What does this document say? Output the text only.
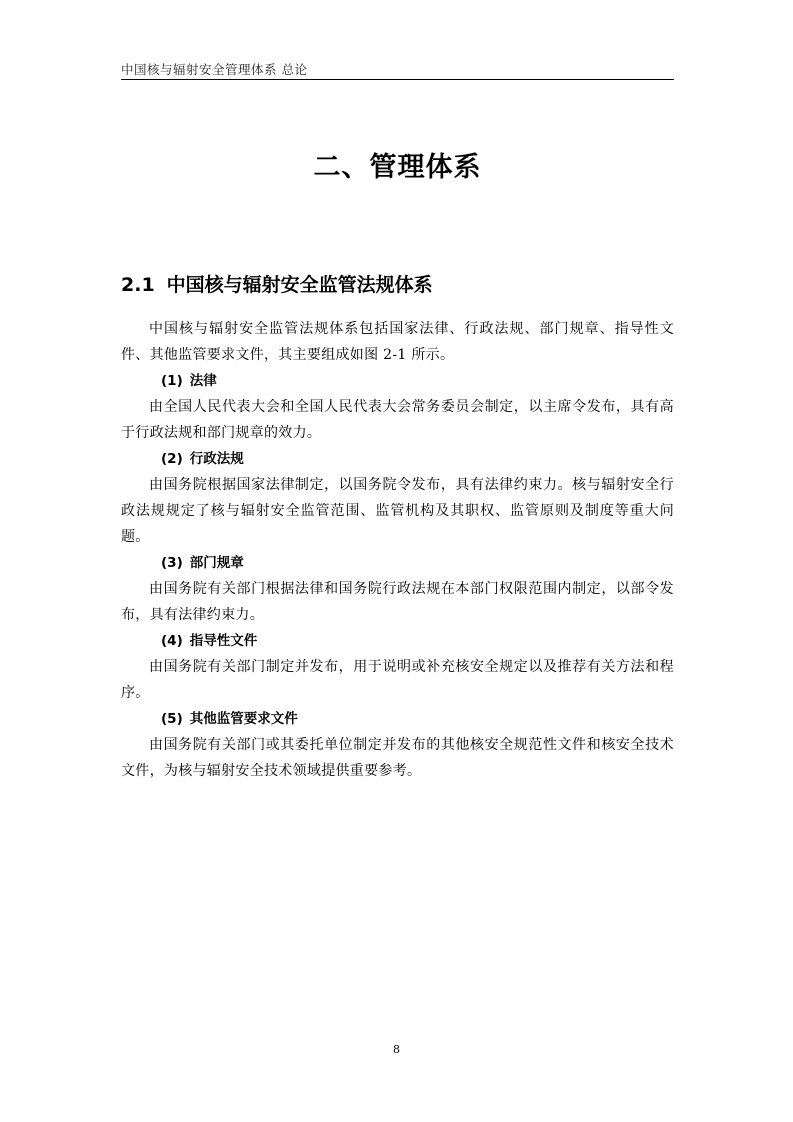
中国核与辐射安全管理体系 总论
二、管理体系
2.1 中国核与辐射安全监管法规体系

中国核与辐射安全监管法规体系包括国家法律、行政法规、部门规章、指导性文件、其他监管要求文件，其主要组成如图 2-1 所示。

(1) 法律

由全国人民代表大会和全国人民代表大会常务委员会制定，以主席令发布，具有高于行政法规和部门规章的效力。

(2) 行政法规

由国务院根据国家法律制定，以国务院令发布，具有法律约束力。核与辐射安全行政法规规定了核与辐射安全监管范围、监管机构及其职权、监管原则及制度等重大问题。

(3) 部门规章

由国务院有关部门根据法律和国务院行政法规在本部门权限范围内制定，以部令发布，具有法律约束力。

(4) 指导性文件

由国务院有关部门制定并发布，用于说明或补充核安全规定以及推荐有关方法和程序。

(5) 其他监管要求文件

由国务院有关部门或其委托单位制定并发布的其他核安全规范性文件和核安全技术文件，为核与辐射安全技术领域提供重要参考。

8
